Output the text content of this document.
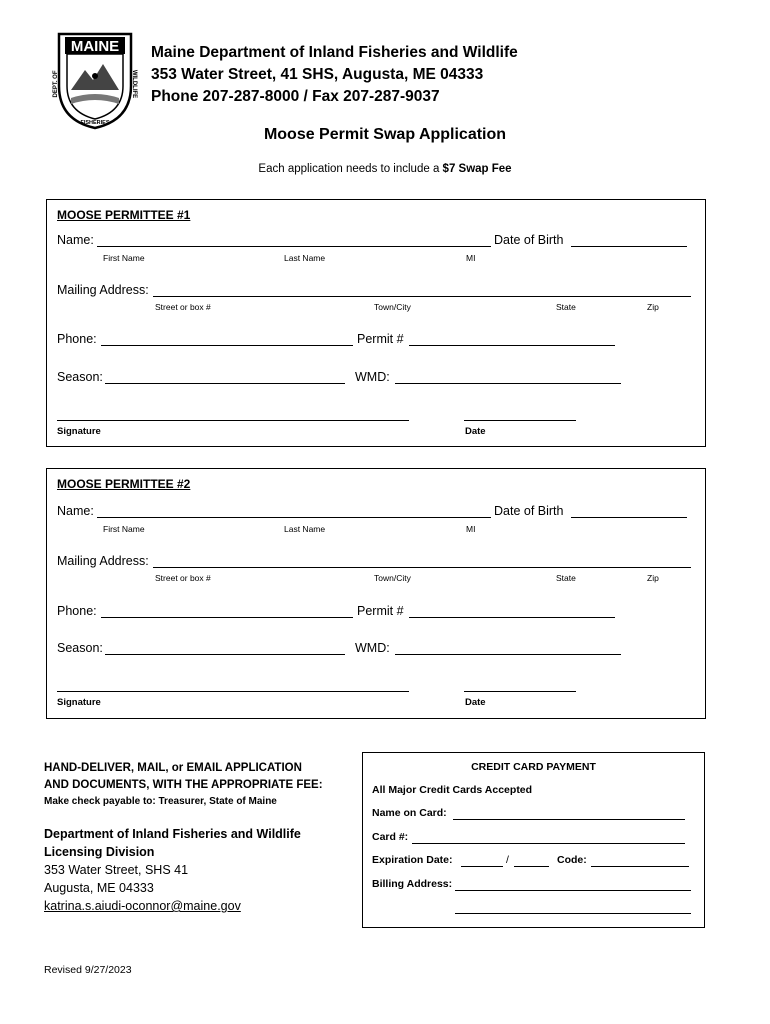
MAINE
DEPT. OF	WILDLIFE
FISHERIES
Maine Department of Inland Fisheries and Wildlife
353 Water Street, 41 SHS, Augusta, ME 04333
Phone 207-287-8000 / Fax 207-287-9037
Moose Permit Swap Application
Each application needs to include a $7 Swap Fee
MOOSE PERMITTEE #1
Name:	Date of Birth
First Name	Last Name	MI
Mailing Address:
Street or box #	Town/City	State	Zip
Phone:	Permit #
Season:	WMD:
Signature	Date
MOOSE PERMITTEE #2
Name:	Date of Birth
First Name	Last Name	MI
Mailing Address:
Street or box #	Town/City	State	Zip
Phone:	Permit #
Season:	WMD:
Signature	Date
HAND-DELIVER, MAIL, or EMAIL APPLICATION
AND DOCUMENTS, WITH THE APPROPRIATE FEE:
Make check payable to: Treasurer, State of Maine
Department of Inland Fisheries and Wildlife
Licensing Division
353 Water Street, SHS 41
Augusta, ME 04333
katrina.s.aiudi-oconnor@maine.gov
CREDIT CARD PAYMENT
All Major Credit Cards Accepted
Name on Card:
Card #:
Expiration Date:	/	Code:
Billing Address:
Revised 9/27/2023
